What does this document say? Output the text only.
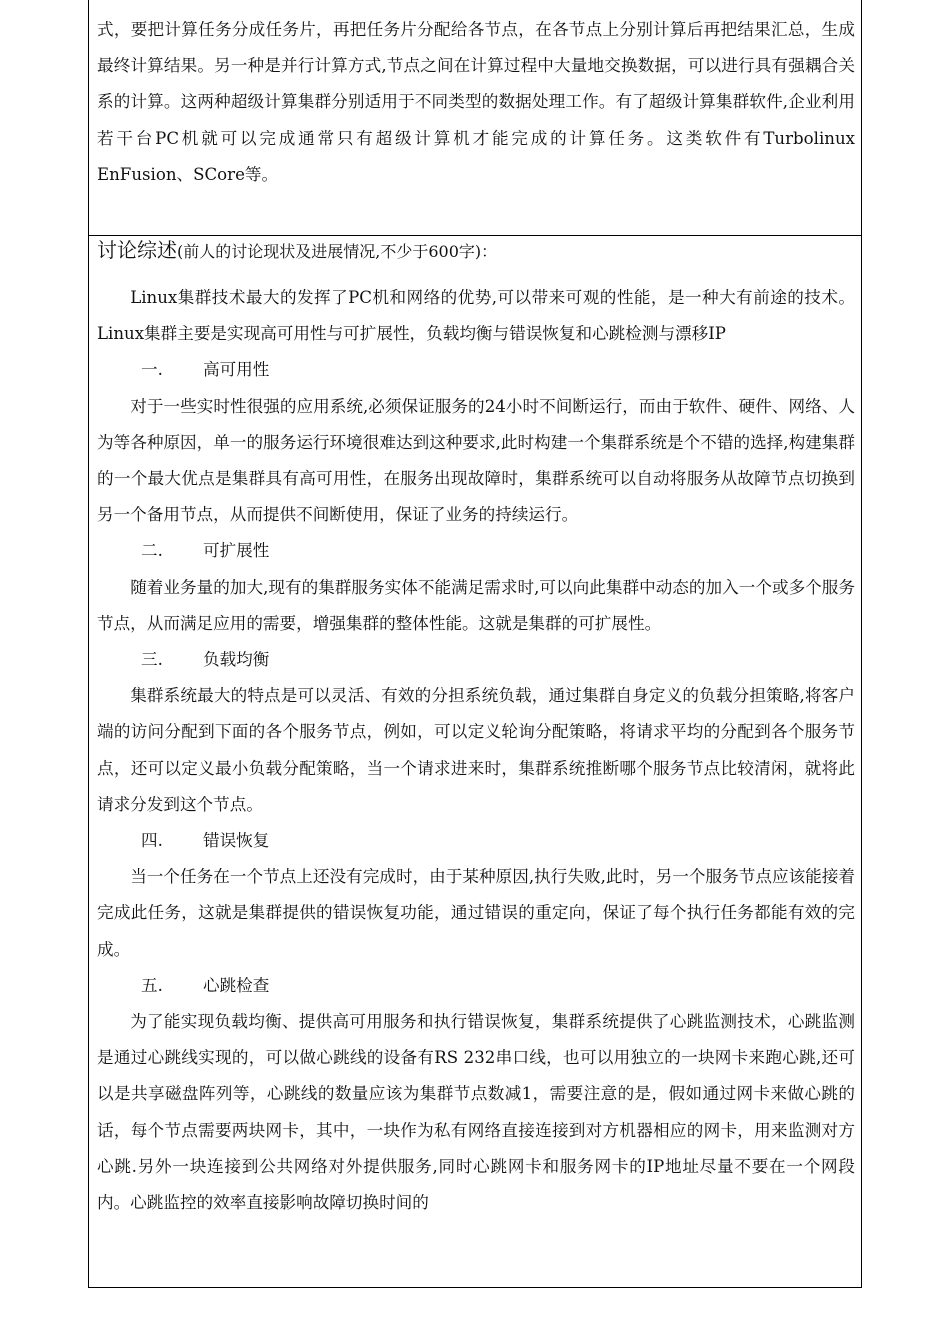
式，要把计算任务分成任务片，再把任务片分配给各节点，在各节点上分别计算后再把结果汇总，生成最终计算结果。另一种是并行计算方式,节点之间在计算过程中大量地交换数据，可以进行具有强耦合关系的计算。这两种超级计算集群分别适用于不同类型的数据处理工作。有了超级计算集群软件,企业利用若干台PC机就可以完成通常只有超级计算机才能完成的计算任务。这类软件有Turbolinux EnFusion、SCore等。

讨论综述(前人的讨论现状及进展情况,不少于600字)：

Linux集群技术最大的发挥了PC机和网络的优势,可以带来可观的性能，是一种大有前途的技术。Linux集群主要是实现高可用性与可扩展性，负载均衡与错误恢复和心跳检测与漂移IP

一. 高可用性

对于一些实时性很强的应用系统,必须保证服务的24小时不间断运行，而由于软件、硬件、网络、人为等各种原因，单一的服务运行环境很难达到这种要求,此时构建一个集群系统是个不错的选择,构建集群的一个最大优点是集群具有高可用性，在服务出现故障时，集群系统可以自动将服务从故障节点切换到另一个备用节点，从而提供不间断使用，保证了业务的持续运行。

二. 可扩展性

随着业务量的加大,现有的集群服务实体不能满足需求时,可以向此集群中动态的加入一个或多个服务节点，从而满足应用的需要，增强集群的整体性能。这就是集群的可扩展性。

三. 负载均衡

集群系统最大的特点是可以灵活、有效的分担系统负载，通过集群自身定义的负载分担策略,将客户端的访问分配到下面的各个服务节点，例如，可以定义轮询分配策略，将请求平均的分配到各个服务节点，还可以定义最小负载分配策略，当一个请求进来时，集群系统推断哪个服务节点比较清闲，就将此请求分发到这个节点。

四. 错误恢复

当一个任务在一个节点上还没有完成时，由于某种原因,执行失败,此时，另一个服务节点应该能接着完成此任务，这就是集群提供的错误恢复功能，通过错误的重定向，保证了每个执行任务都能有效的完成。

五. 心跳检查

为了能实现负载均衡、提供高可用服务和执行错误恢复，集群系统提供了心跳监测技术，心跳监测是通过心跳线实现的，可以做心跳线的设备有RS 232串口线，也可以用独立的一块网卡来跑心跳,还可以是共享磁盘阵列等，心跳线的数量应该为集群节点数减1，需要注意的是，假如通过网卡来做心跳的话，每个节点需要两块网卡，其中，一块作为私有网络直接连接到对方机器相应的网卡，用来监测对方心跳.另外一块连接到公共网络对外提供服务,同时心跳网卡和服务网卡的IP地址尽量不要在一个网段内。心跳监控的效率直接影响故障切换时间的
